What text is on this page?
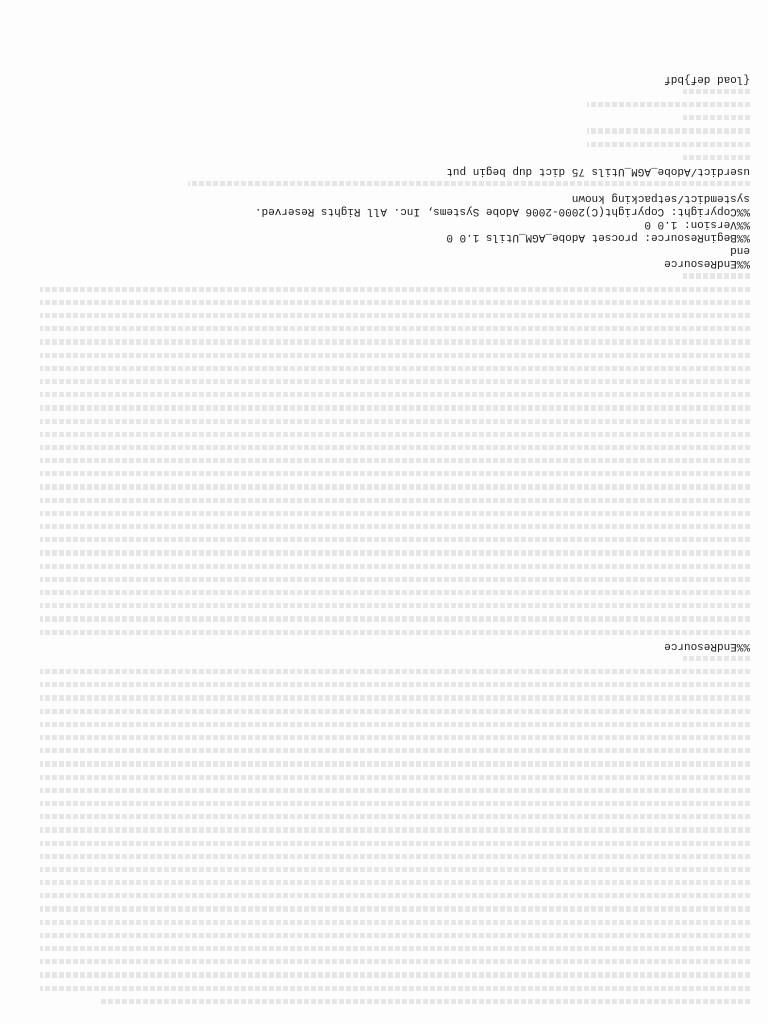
%%EndResource
%%EndResource
end
%%BeginResource: procset Adobe_AGM_Utils 1.0 0
%%Version: 1.0 0
%%Copyright: Copyright(C)2000-2006 Adobe Systems, Inc. All Rights Reserved.
systemdict/setpacking known
userdict/Adobe_AGM_Utils 75 dict dup begin put
{load def}bdf
